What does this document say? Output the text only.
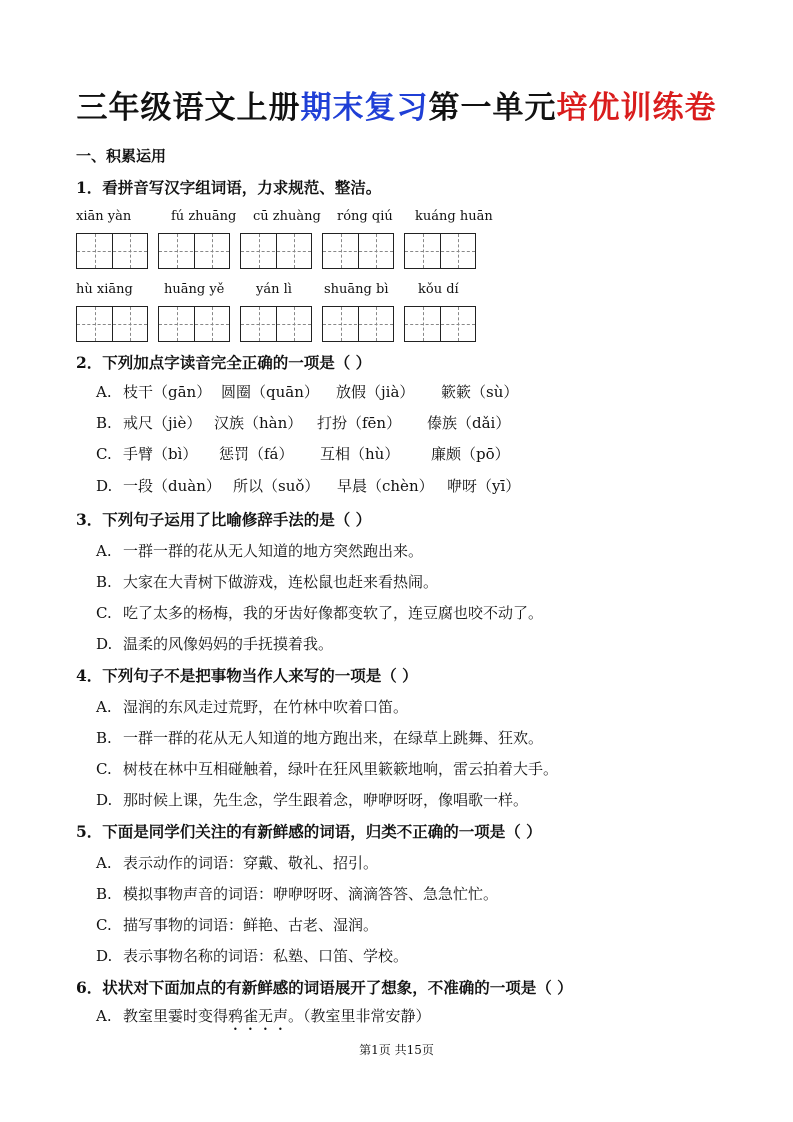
三年级语文上册期末复习第一单元培优训练卷
一、积累运用
1．看拼音写汉字组词语，力求规范、整洁。
xiān yàn	fú zhuāng cū zhuàng róng qiú kuáng huān
hù xiāng huāng yě yán lì shuāng bì kǒu dí
2．下列加点字读音完全正确的一项是（ ）
A. 枝干（gān） 圆圈（quān） 放假（jià） 簌簌（sù）
B. 戒尺（jiè） 汉族（hàn） 打扮（fēn） 傣族（dǎi）
C. 手臂（bì） 惩罚（fá） 互相（hù） 廉颇（pō）
D. 一段（duàn） 所以（suǒ） 早晨（chèn） 咿呀（yī）
3．下列句子运用了比喻修辞手法的是（ ）
A. 一群一群的花从无人知道的地方突然跑出来。
B. 大家在大青树下做游戏，连松鼠也赶来看热闹。
C. 吃了太多的杨梅，我的牙齿好像都变软了，连豆腐也咬不动了。
D. 温柔的风像妈妈的手抚摸着我。
4．下列句子不是把事物当作人来写的一项是（ ）
A. 湿润的东风走过荒野，在竹林中吹着口笛。
B. 一群一群的花从无人知道的地方跑出来，在绿草上跳舞、狂欢。
C. 树枝在林中互相碰触着，绿叶在狂风里簌簌地响，雷云拍着大手。
D. 那时候上课，先生念，学生跟着念，咿咿呀呀，像唱歌一样。
5．下面是同学们关注的有新鲜感的词语，归类不正确的一项是（ ）
A. 表示动作的词语：穿戴、敬礼、招引。
B. 模拟事物声音的词语：咿咿呀呀、滴滴答答、急急忙忙。
C. 描写事物的词语：鲜艳、古老、湿润。
D. 表示事物名称的词语：私塾、口笛、学校。
6．状状对下面加点的有新鲜感的词语展开了想象，不准确的一项是（ ）
A. 教室里霎时变得鸦雀无声。（教室里非常安静）
第1页 共15页
